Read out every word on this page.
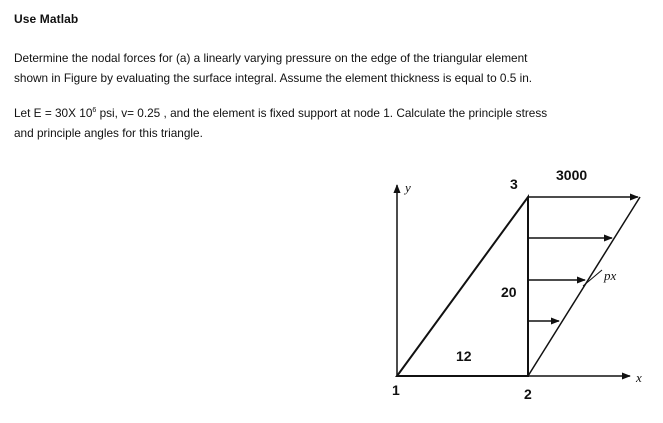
Use Matlab
Determine the nodal forces for (a) a linearly varying pressure on the edge of the triangular element
shown in Figure by evaluating the surface integral. Assume the element thickness is equal to 0.5 in.
Let E = 30X $10^6$ psi, v= 0.25 , and the element is fixed support at node 1. Calculate the principle stress
and principle angles for this triangle.
y
x
px
3000
3
20
12
1	2
